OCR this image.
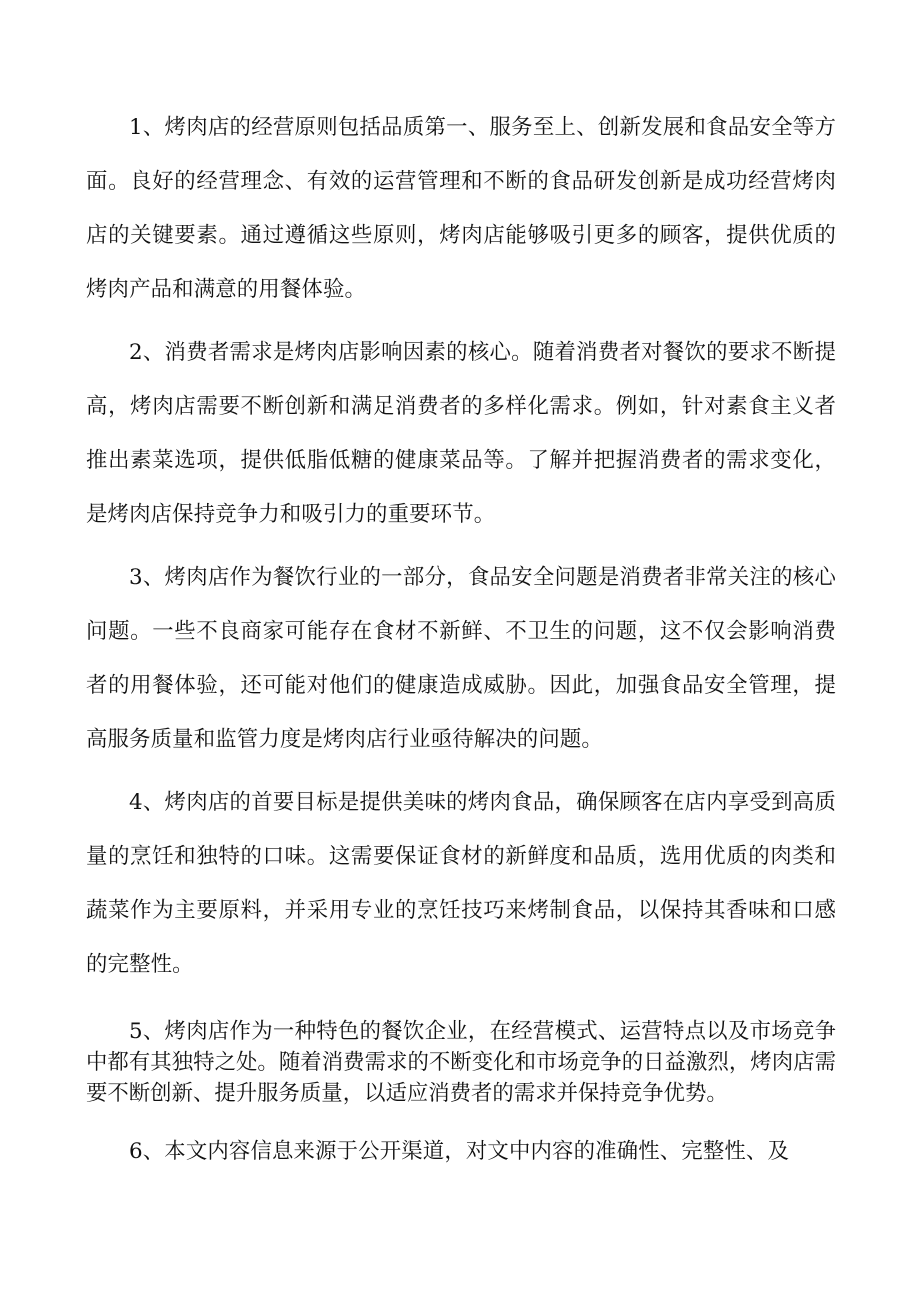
1、烤肉店的经营原则包括品质第一、服务至上、创新发展和食品安全等方面。良好的经营理念、有效的运营管理和不断的食品研发创新是成功经营烤肉店的关键要素。通过遵循这些原则，烤肉店能够吸引更多的顾客，提供优质的烤肉产品和满意的用餐体验。

2、消费者需求是烤肉店影响因素的核心。随着消费者对餐饮的要求不断提高，烤肉店需要不断创新和满足消费者的多样化需求。例如，针对素食主义者推出素菜选项，提供低脂低糖的健康菜品等。了解并把握消费者的需求变化，是烤肉店保持竞争力和吸引力的重要环节。

3、烤肉店作为餐饮行业的一部分，食品安全问题是消费者非常关注的核心问题。一些不良商家可能存在食材不新鲜、不卫生的问题，这不仅会影响消费者的用餐体验，还可能对他们的健康造成威胁。因此，加强食品安全管理，提高服务质量和监管力度是烤肉店行业亟待解决的问题。

4、烤肉店的首要目标是提供美味的烤肉食品，确保顾客在店内享受到高质量的烹饪和独特的口味。这需要保证食材的新鲜度和品质，选用优质的肉类和蔬菜作为主要原料，并采用专业的烹饪技巧来烤制食品，以保持其香味和口感的完整性。

5、烤肉店作为一种特色的餐饮企业，在经营模式、运营特点以及市场竞争中都有其独特之处。随着消费需求的不断变化和市场竞争的日益激烈，烤肉店需要不断创新、提升服务质量，以适应消费者的需求并保持竞争优势。

6、本文内容信息来源于公开渠道，对文中内容的准确性、完整性、及
